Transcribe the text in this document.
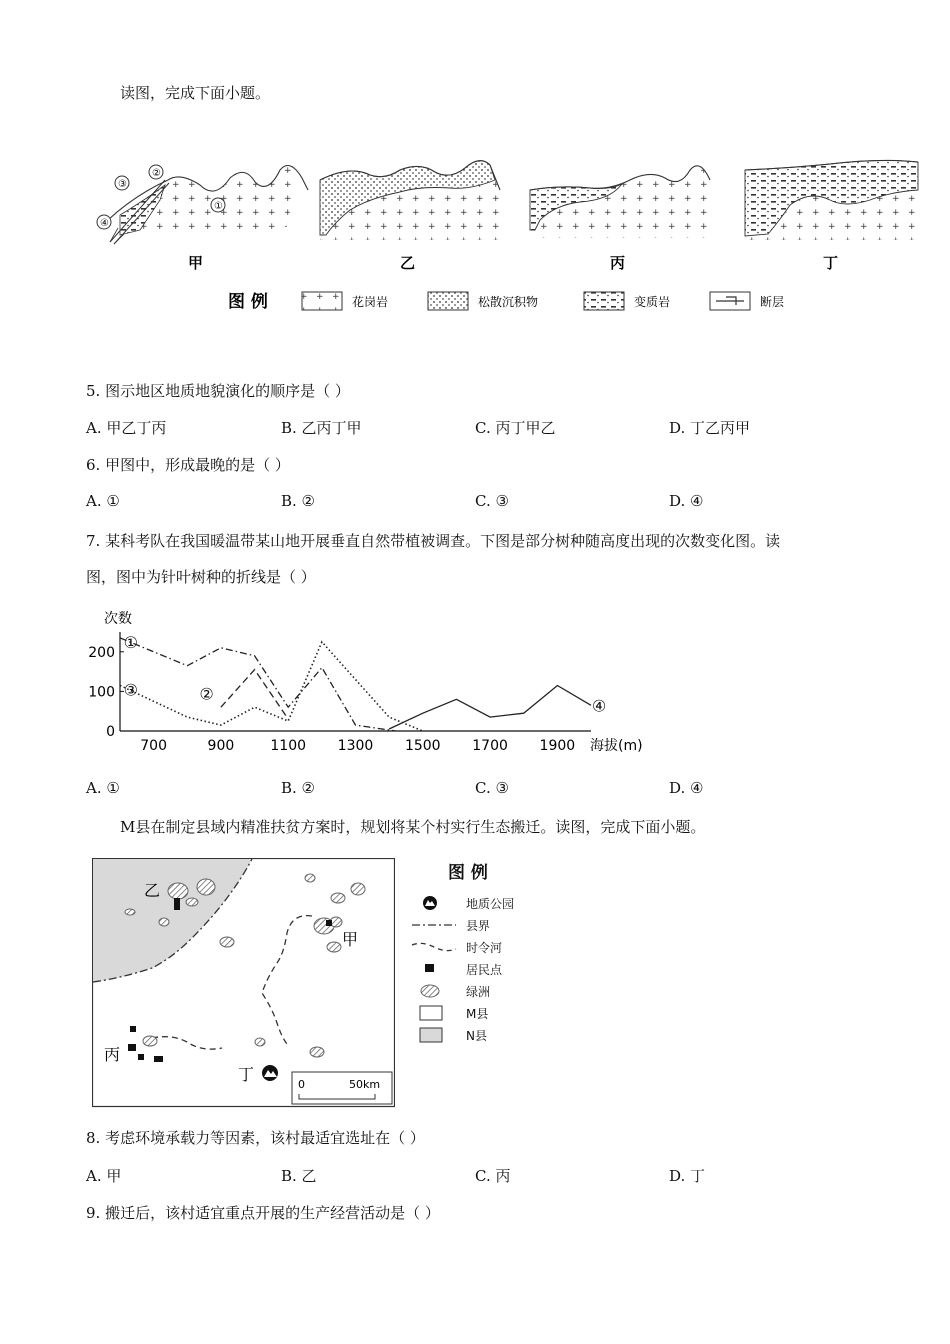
读图，完成下面小题。
③
②
①
④
甲	乙	丙	丁
图 例	花岗岩	松散沉积物	变质岩	断层
5. 图示地区地质地貌演化的顺序是（ ）
A. 甲乙丁丙	B. 乙丙丁甲	C. 丙丁甲乙	D. 丁乙丙甲
6. 甲图中，形成最晚的是（ ）
A. ①	B. ②	C. ③	D. ④
7. 某科考队在我国暖温带某山地开展垂直自然带植被调查。下图是部分树种随高度出现的次数变化图。读
图，图中为针叶树种的折线是（ ）
次数
海拔(m)
700	900	1100 1300 1500 1700 1900
0
100
200
①
②
③
④
A. ①	B. ②	C. ③	D. ④
M县在制定县域内精准扶贫方案时，规划将某个村实行生态搬迁。读图，完成下面小题。
乙
甲
丙
丁
0	50km
图 例
地质公园
县界
时令河
居民点
绿洲
M县
N县
8. 考虑环境承载力等因素，该村最适宜选址在（ ）
A. 甲	B. 乙	C. 丙	D. 丁
9. 搬迁后，该村适宜重点开展的生产经营活动是（ ）
